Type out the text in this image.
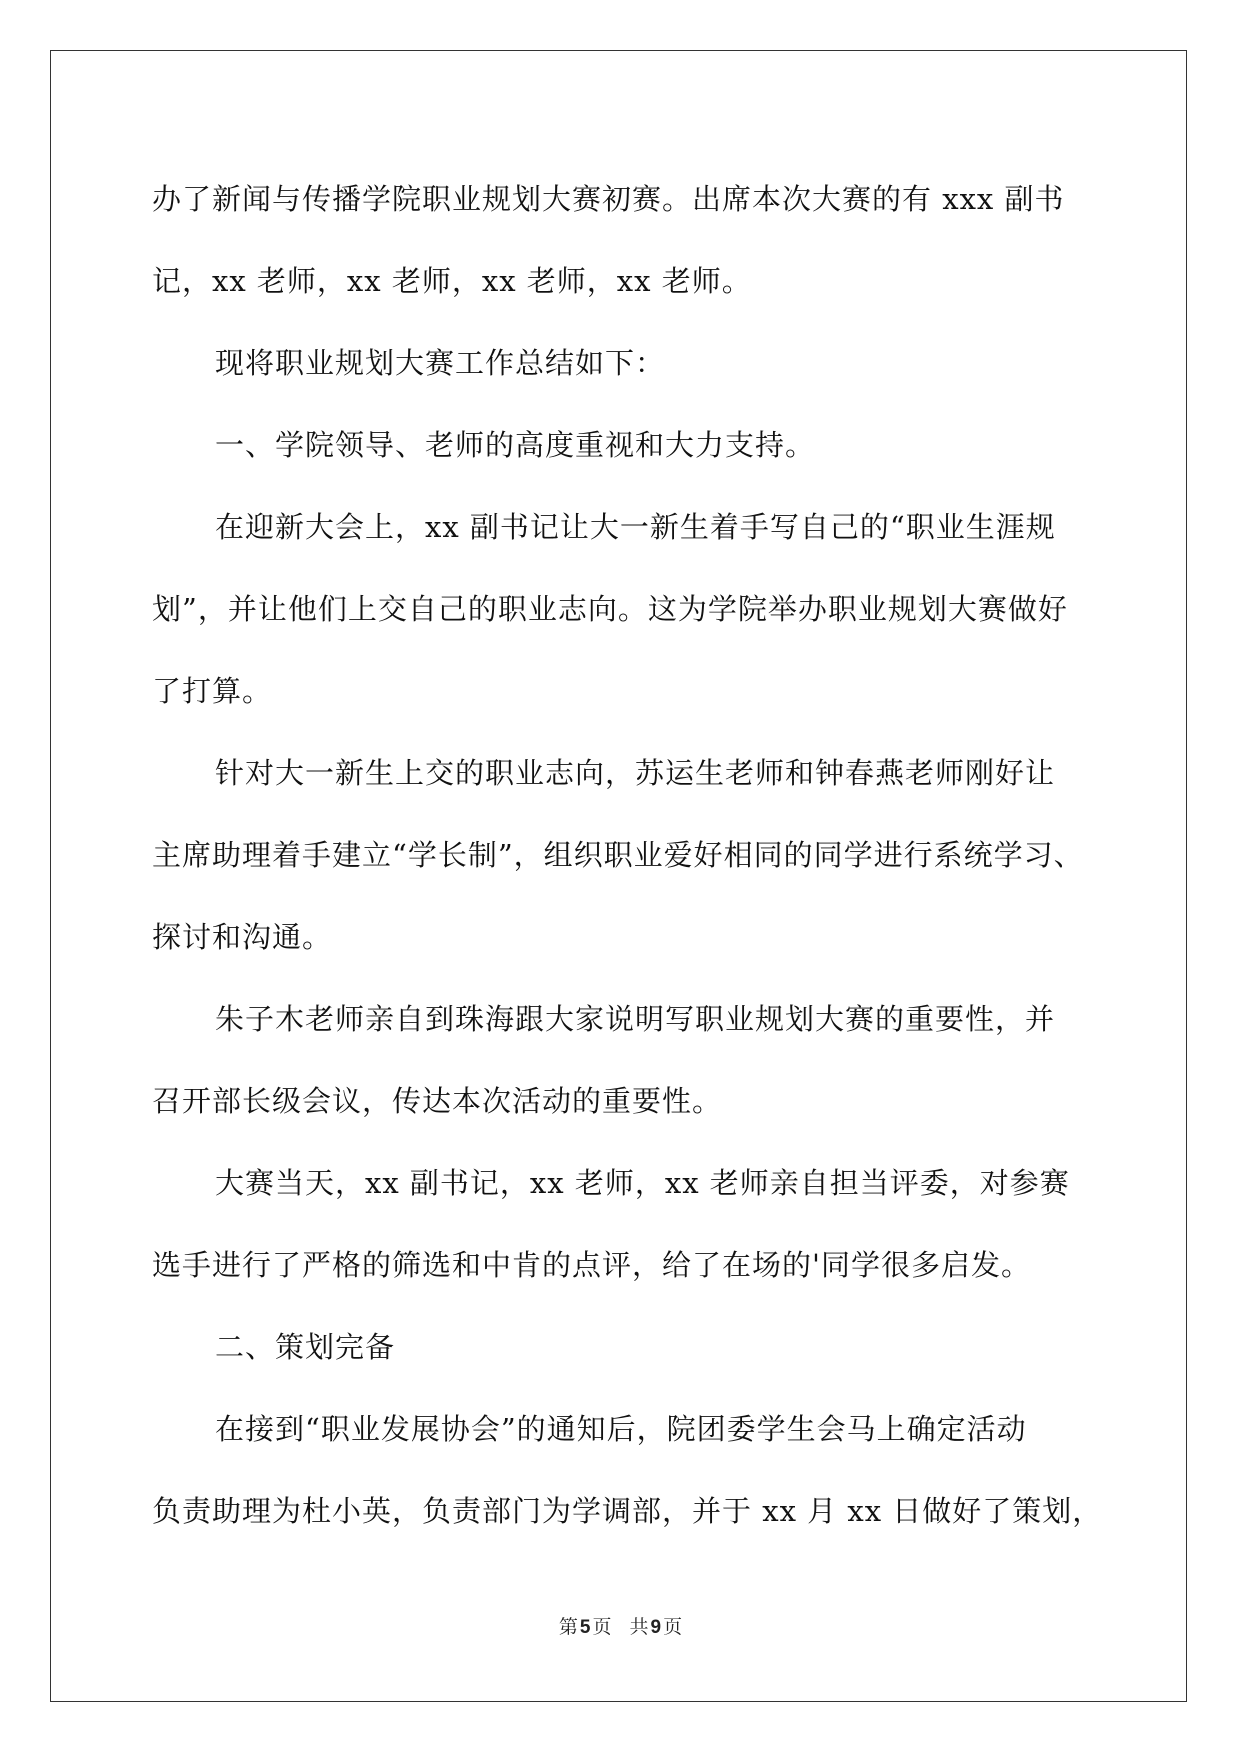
办了新闻与传播学院职业规划大赛初赛。出席本次大赛的有 xxx 副书
记，xx 老师，xx 老师，xx 老师，xx 老师。
现将职业规划大赛工作总结如下：
一、学院领导、老师的高度重视和大力支持。
在迎新大会上，xx 副书记让大一新生着手写自己的“职业生涯规
划”，并让他们上交自己的职业志向。这为学院举办职业规划大赛做好
了打算。
针对大一新生上交的职业志向，苏运生老师和钟春燕老师刚好让
主席助理着手建立“学长制”，组织职业爱好相同的同学进行系统学习、
探讨和沟通。
朱子木老师亲自到珠海跟大家说明写职业规划大赛的重要性，并
召开部长级会议，传达本次活动的重要性。
大赛当天，xx 副书记，xx 老师，xx 老师亲自担当评委，对参赛
选手进行了严格的筛选和中肯的点评，给了在场的'同学很多启发。
二、策划完备
在接到“职业发展协会”的通知后，院团委学生会马上确定活动
负责助理为杜小英，负责部门为学调部，并于 xx 月 xx 日做好了策划，
第 5 页 共 9 页
